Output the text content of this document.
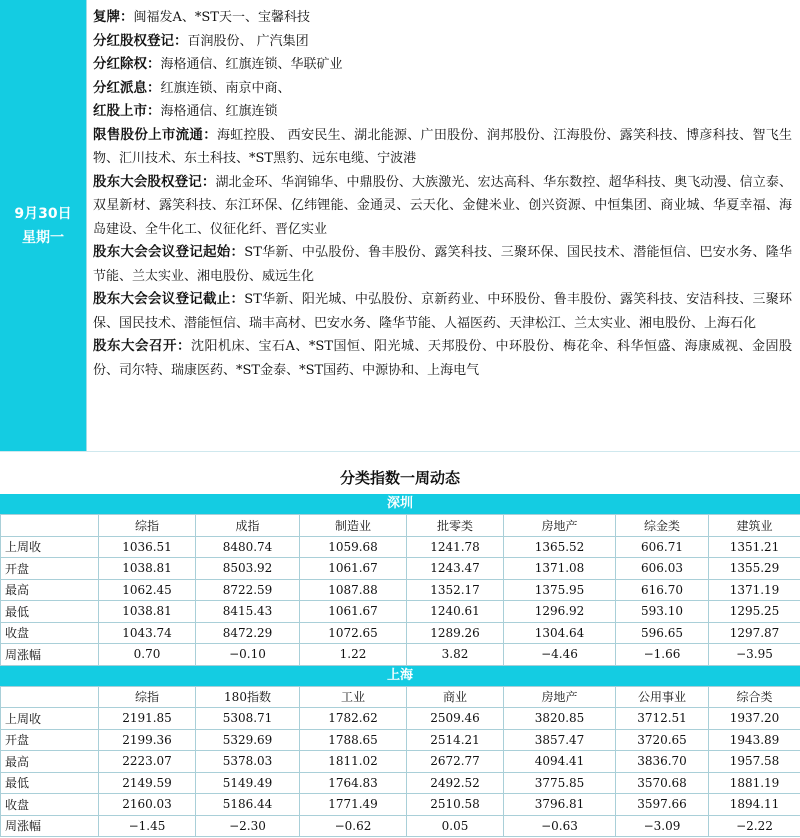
9月30日
星期一
复牌：闽福发A、*ST天一、宝馨科技
分红股权登记：百润股份、 广汽集团
分红除权：海格通信、红旗连锁、华联矿业
分红派息：红旗连锁、南京中商、
红股上市：海格通信、红旗连锁
限售股份上市流通：海虹控股、 西安民生、湖北能源、广田股份、润邦股份、江海股份、露笑科技、博彦科技、智飞生物、汇川技术、东土科技、*ST黑豹、远东电缆、宁波港
股东大会股权登记：湖北金环、华润锦华、中鼎股份、大族激光、宏达高科、华东数控、超华科技、奥飞动漫、信立泰、双星新材、露笑科技、东江环保、亿纬锂能、金通灵、云天化、金健米业、创兴资源、中恒集团、商业城、华夏幸福、海岛建设、全牛化工、仪征化纤、晋亿实业
股东大会会议登记起始：ST华新、中弘股份、鲁丰股份、露笑科技、三聚环保、国民技术、潜能恒信、巴安水务、隆华节能、兰太实业、湘电股份、威远生化
股东大会会议登记截止：ST华新、阳光城、中弘股份、京新药业、中环股份、鲁丰股份、露笑科技、安洁科技、三聚环保、国民技术、潜能恒信、瑞丰高材、巴安水务、隆华节能、人福医药、天津松江、兰太实业、湘电股份、上海石化
股东大会召开：沈阳机床、宝石A、*ST国恒、阳光城、天邦股份、中环股份、梅花伞、科华恒盛、海康威视、金固股份、司尔特、瑞康医药、*ST金泰、*ST国药、中源协和、上海电气
分类指数一周动态
深圳
	综指	成指	制造业	批零类	房地产	综金类	建筑业
上周收	1036.51	8480.74	1059.68	1241.78	1365.52	606.71	1351.21
开盘	1038.81	8503.92	1061.67	1243.47	1371.08	606.03	1355.29
最高	1062.45	8722.59	1087.88	1352.17	1375.95	616.70	1371.19
最低	1038.81	8415.43	1061.67	1240.61	1296.92	593.10	1295.25
收盘	1043.74	8472.29	1072.65	1289.26	1304.64	596.65	1297.87
周涨幅	0.70	−0.10	1.22	3.82	−4.46	−1.66	−3.95
上海
	综指	180指数	工业	商业	房地产	公用事业	综合类
上周收	2191.85	5308.71	1782.62	2509.46	3820.85	3712.51	1937.20
开盘	2199.36	5329.69	1788.65	2514.21	3857.47	3720.65	1943.89
最高	2223.07	5378.03	1811.02	2672.77	4094.41	3836.70	1957.58
最低	2149.59	5149.49	1764.83	2492.52	3775.85	3570.68	1881.19
收盘	2160.03	5186.44	1771.49	2510.58	3796.81	3597.66	1894.11
周涨幅	−1.45	−2.30	−0.62	0.05	−0.63	−3.09	−2.22
